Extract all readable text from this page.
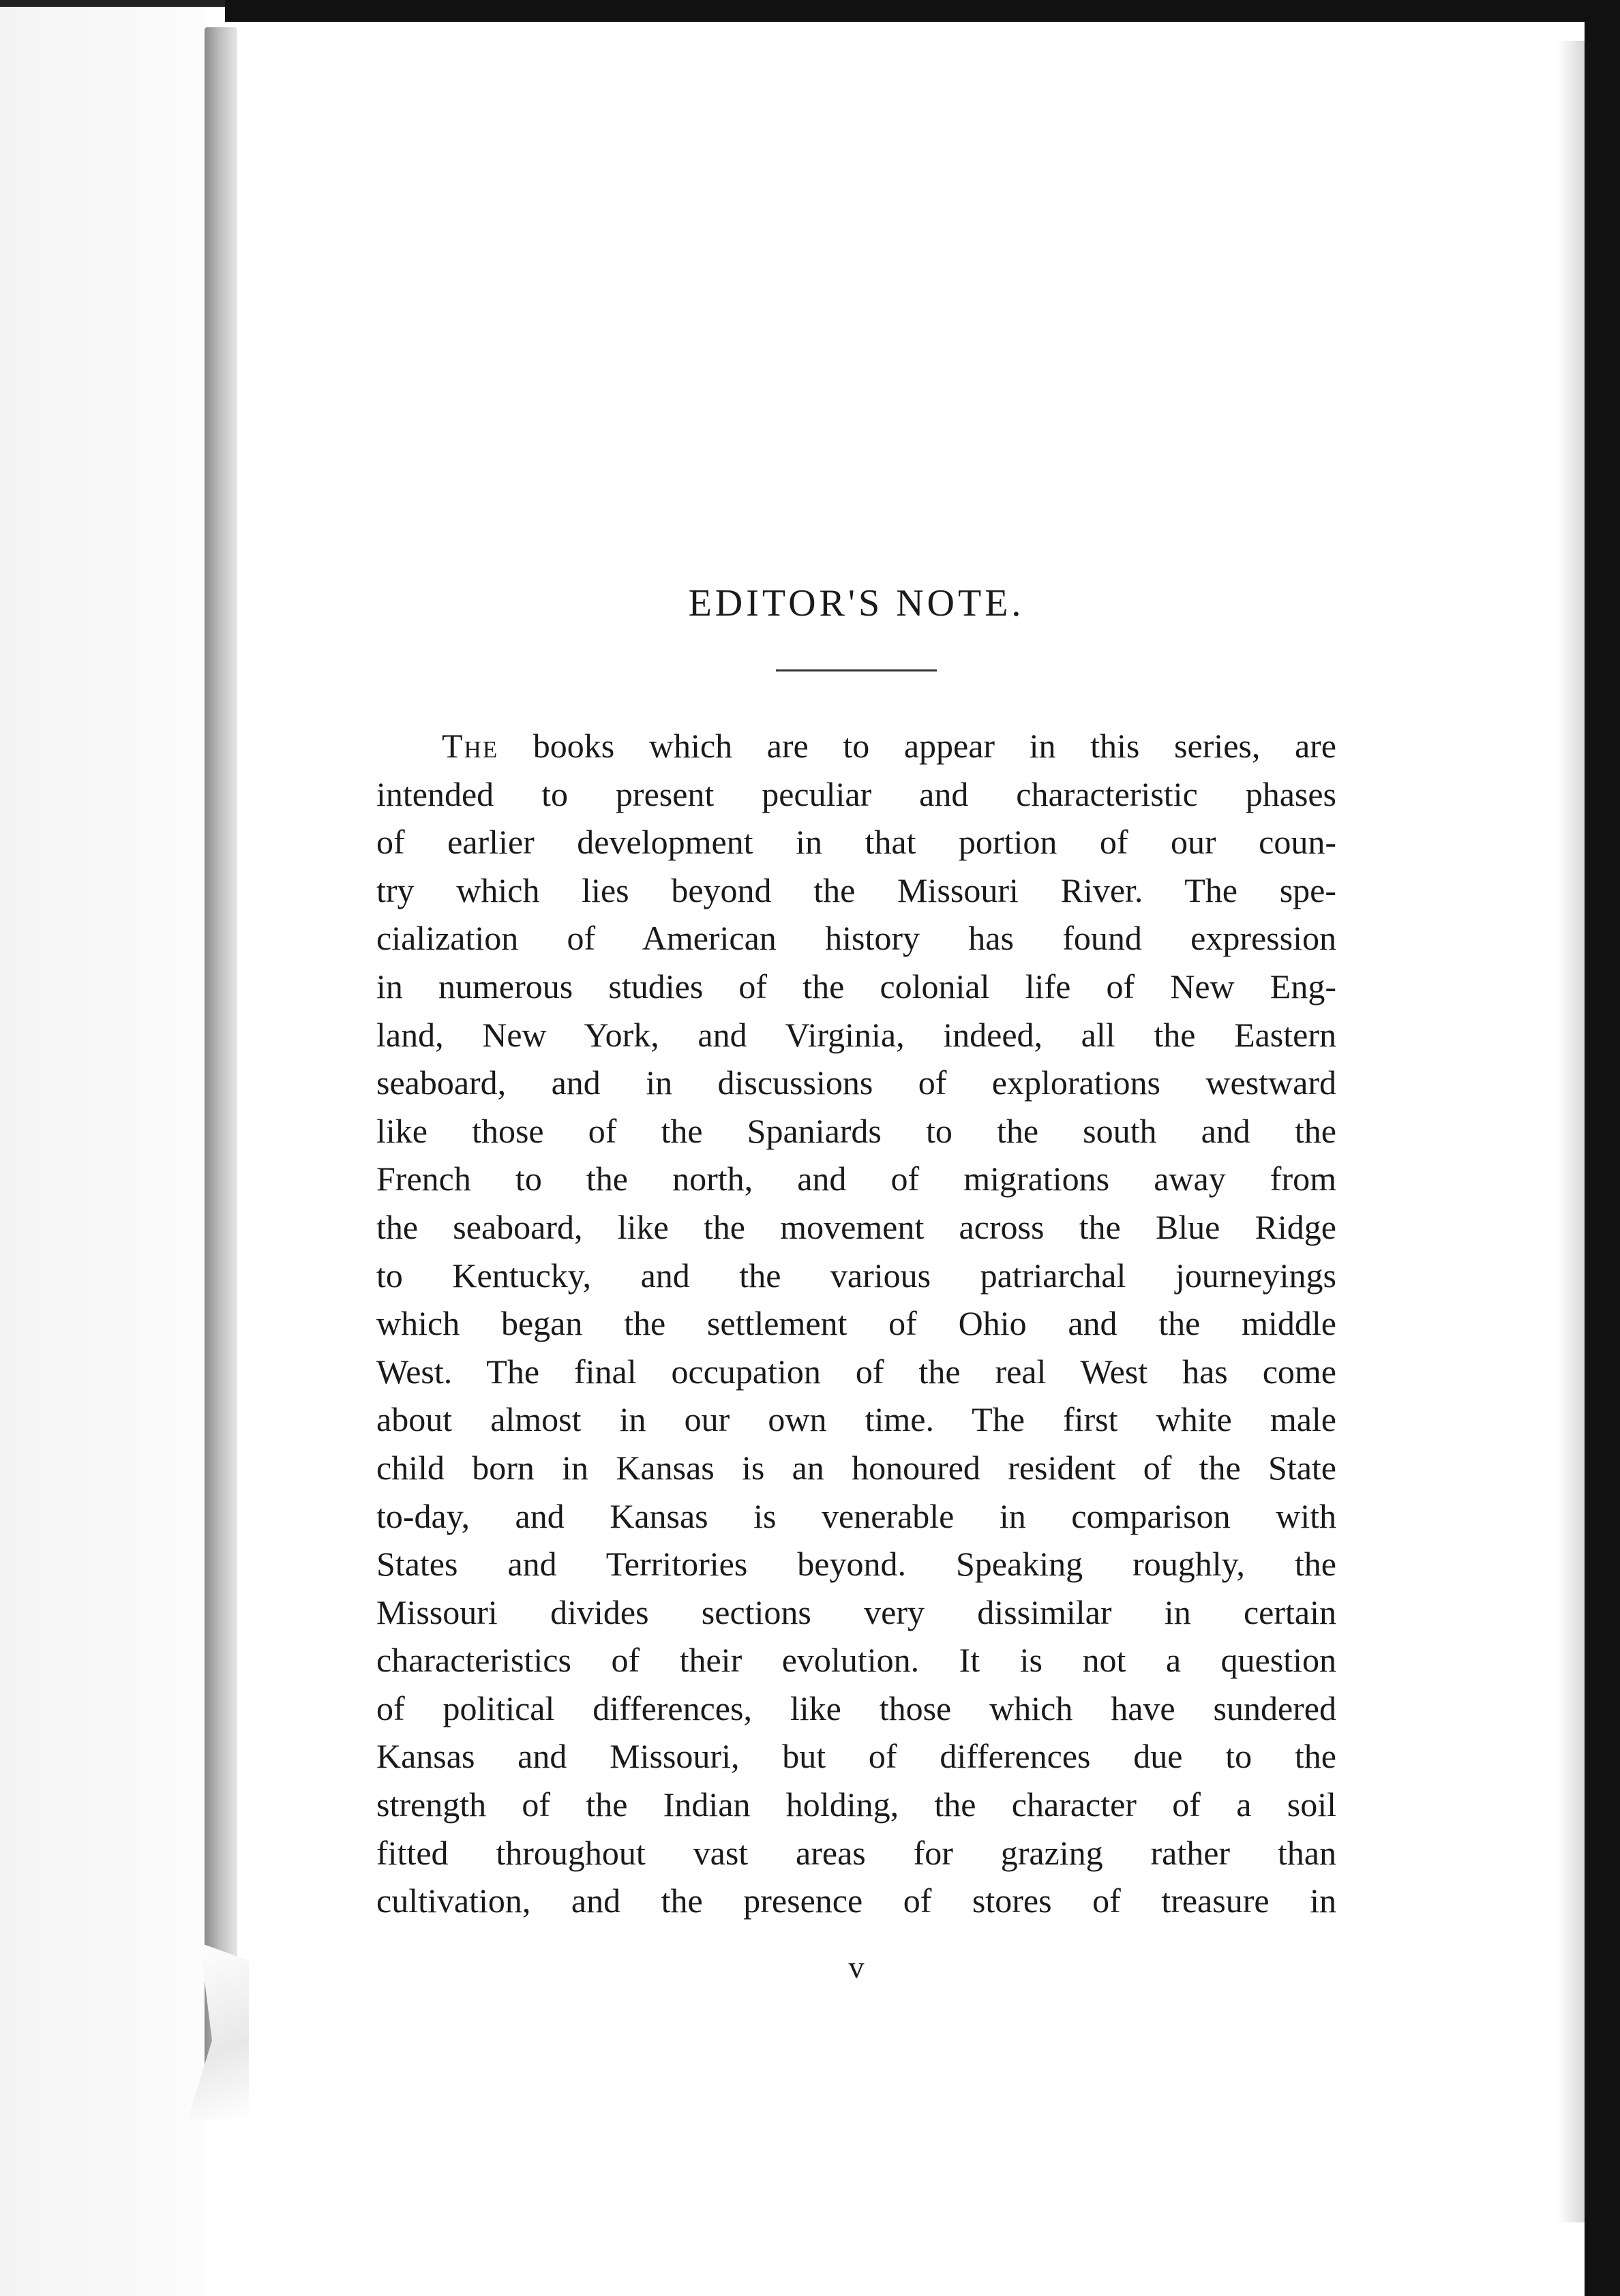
EDITOR'S NOTE.
The books which are to appear in this series, are
intended to present peculiar and characteristic phases
of earlier development in that portion of our coun-
try which lies beyond the Missouri River. The spe-
cialization of American history has found expression
in numerous studies of the colonial life of New Eng-
land, New York, and Virginia, indeed, all the Eastern
seaboard, and in discussions of explorations westward
like those of the Spaniards to the south and the
French to the north, and of migrations away from
the seaboard, like the movement across the Blue Ridge
to Kentucky, and the various patriarchal journeyings
which began the settlement of Ohio and the middle
West. The final occupation of the real West has come
about almost in our own time. The first white male
child born in Kansas is an honoured resident of the State
to-day, and Kansas is venerable in comparison with
States and Territories beyond. Speaking roughly, the
Missouri divides sections very dissimilar in certain
characteristics of their evolution. It is not a question
of political differences, like those which have sundered
Kansas and Missouri, but of differences due to the
strength of the Indian holding, the character of a soil
fitted throughout vast areas for grazing rather than
cultivation, and the presence of stores of treasure in
v
